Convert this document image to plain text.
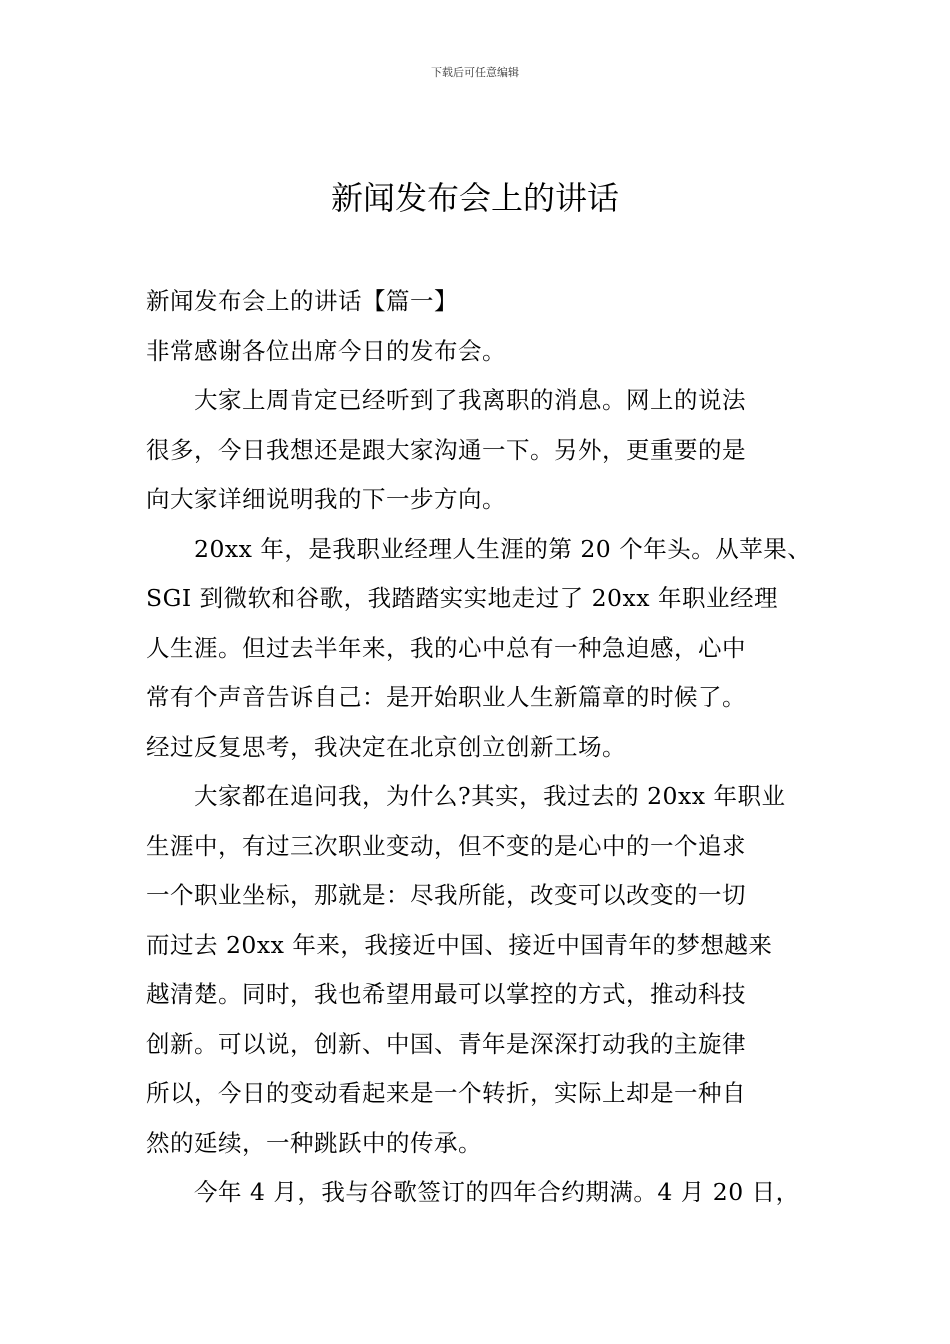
下载后可任意编辑
新闻发布会上的讲话
新闻发布会上的讲话【篇一】
非常感谢各位出席今日的发布会。
　　大家上周肯定已经听到了我离职的消息。网上的说法
很多，今日我想还是跟大家沟通一下。另外，更重要的是
向大家详细说明我的下一步方向。
　　20xx 年，是我职业经理人生涯的第 20 个年头。从苹果、
SGI 到微软和谷歌，我踏踏实实地走过了 20xx 年职业经理
人生涯。但过去半年来，我的心中总有一种急迫感，心中
常有个声音告诉自己：是开始职业人生新篇章的时候了。
经过反复思考，我决定在北京创立创新工场。
　　大家都在追问我，为什么?其实，我过去的 20xx 年职业
生涯中，有过三次职业变动，但不变的是心中的一个追求
一个职业坐标，那就是：尽我所能，改变可以改变的一切
而过去 20xx 年来，我接近中国、接近中国青年的梦想越来
越清楚。同时，我也希望用最可以掌控的方式，推动科技
创新。可以说，创新、中国、青年是深深打动我的主旋律
所以，今日的变动看起来是一个转折，实际上却是一种自
然的延续，一种跳跃中的传承。
　　今年 4 月，我与谷歌签订的四年合约期满。4 月 20 日，
